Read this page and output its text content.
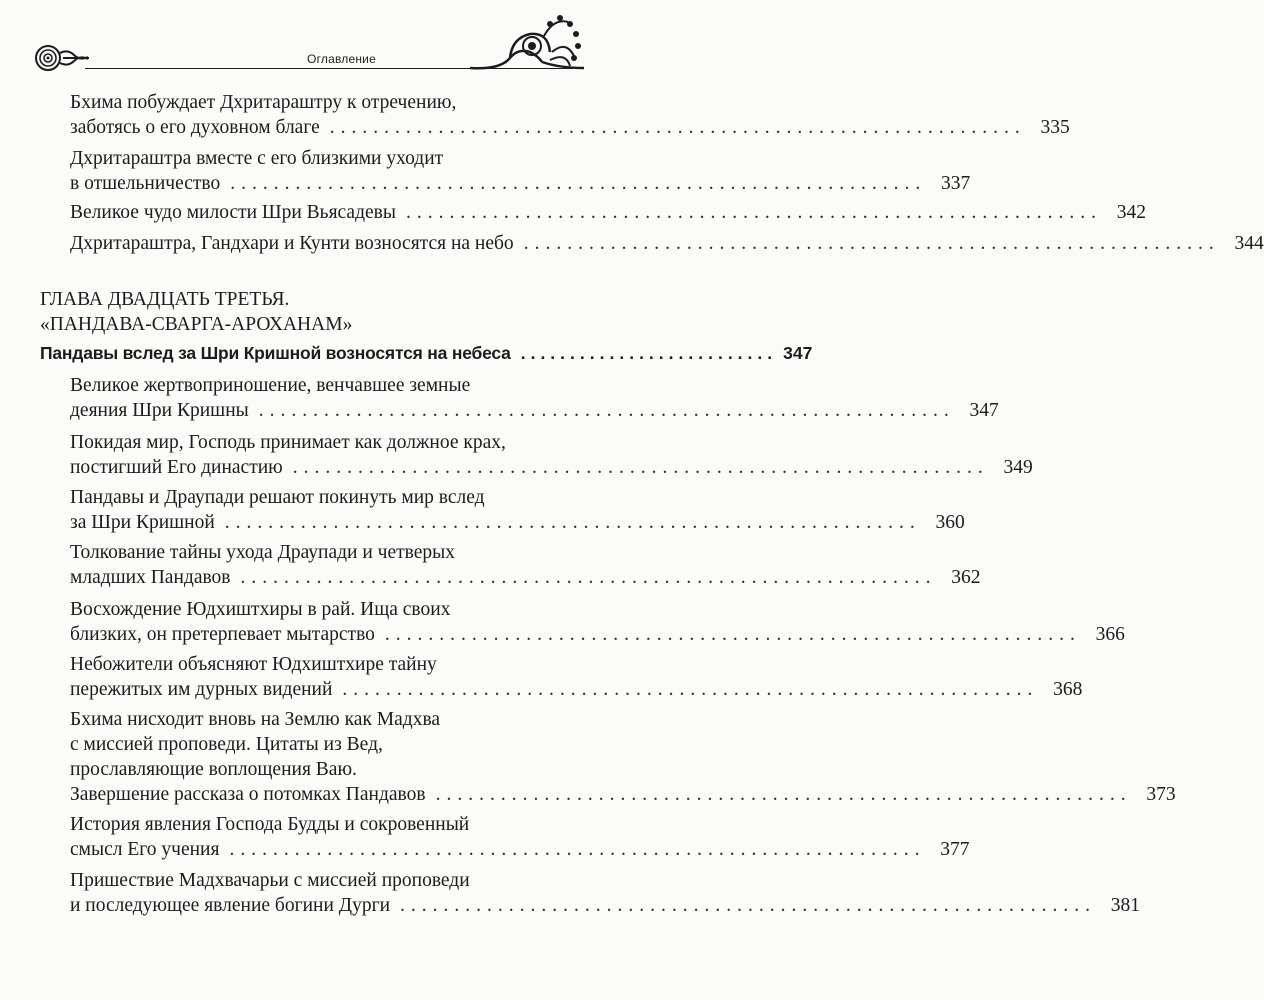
Оглавление
Бхима побуждает Дхритараштру к отречению,
заботясь о его духовном благе ................................................................ 335
Дхритараштра вместе с его близкими уходит
в отшельничество ................................................................ 337
Великое чудо милости Шри Вьясадевы ................................................................ 342
Дхритараштра, Гандхари и Кунти возносятся на небо ................................................................ 344
ГЛАВА ДВАДЦАТЬ ТРЕТЬЯ.
«ПАНДАВА-СВАРГА-АРОХАНАМ»
Пандавы вслед за Шри Кришной возносятся на небеса .......................... 347
Великое жертвоприношение, венчавшее земные
деяния Шри Кришны ................................................................ 347
Покидая мир, Господь принимает как должное крах,
постигший Его династию ................................................................ 349
Пандавы и Драупади решают покинуть мир вслед
за Шри Кришной ................................................................ 360
Толкование тайны ухода Драупади и четверых
младших Пандавов ................................................................ 362
Восхождение Юдхиштхиры в рай. Ища своих
близких, он претерпевает мытарство ................................................................ 366
Небожители объясняют Юдхиштхире тайну
пережитых им дурных видений ................................................................ 368
Бхима нисходит вновь на Землю как Мадхва
с миссией проповеди. Цитаты из Вед,
прославляющие воплощения Ваю.
Завершение рассказа о потомках Пандавов ................................................................ 373
История явления Господа Будды и сокровенный
смысл Его учения ................................................................ 377
Пришествие Мадхвачарьи с миссией проповеди
и последующее явление богини Дурги ................................................................ 381
